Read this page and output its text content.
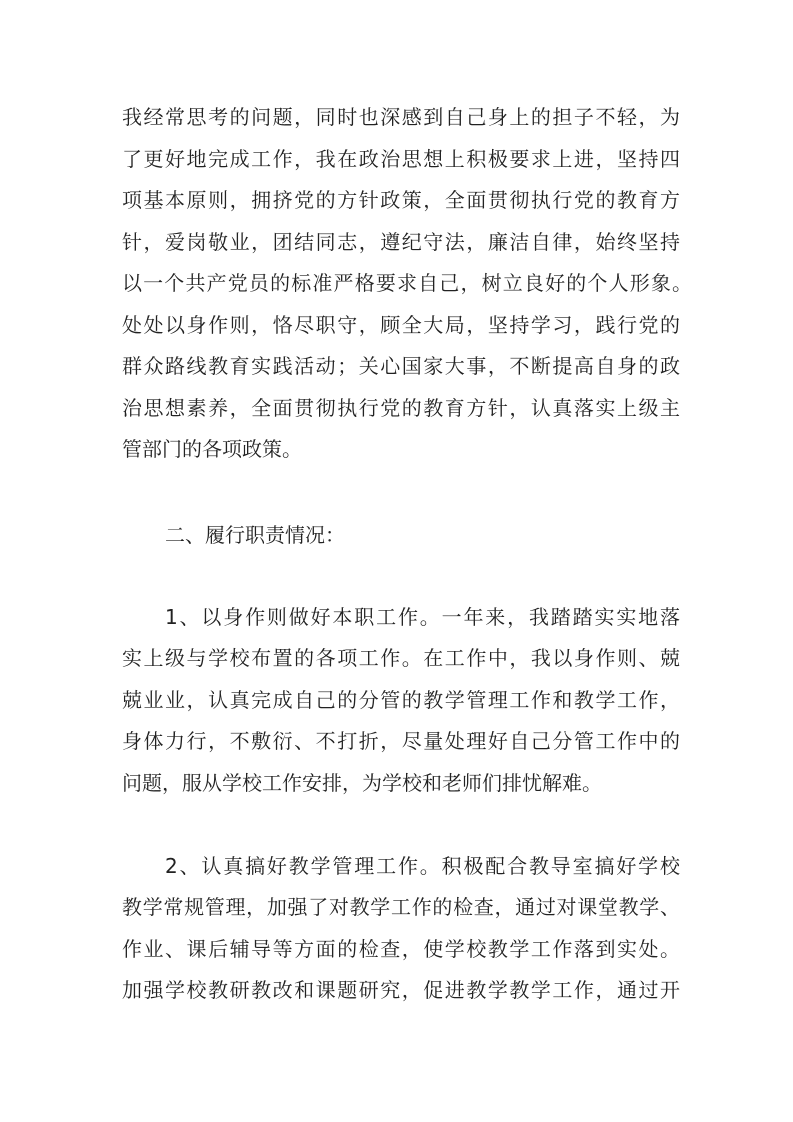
我经常思考的问题，同时也深感到自己身上的担子不轻，为
了更好地完成工作，我在政治思想上积极要求上进，坚持四
项基本原则，拥挤党的方针政策，全面贯彻执行党的教育方
针，爱岗敬业，团结同志，遵纪守法，廉洁自律，始终坚持
以一个共产党员的标准严格要求自己，树立良好的个人形象。
处处以身作则，恪尽职守，顾全大局，坚持学习，践行党的
群众路线教育实践活动；关心国家大事，不断提高自身的政
治思想素养，全面贯彻执行党的教育方针，认真落实上级主
管部门的各项政策。
二、履行职责情况：
1、以身作则做好本职工作。一年来，我踏踏实实地落
实上级与学校布置的各项工作。在工作中，我以身作则、兢
兢业业，认真完成自己的分管的教学管理工作和教学工作，
身体力行，不敷衍、不打折，尽量处理好自己分管工作中的
问题，服从学校工作安排，为学校和老师们排忧解难。
2、认真搞好教学管理工作。积极配合教导室搞好学校
教学常规管理，加强了对教学工作的检查，通过对课堂教学、
作业、课后辅导等方面的检查，使学校教学工作落到实处。
加强学校教研教改和课题研究，促进教学教学工作，通过开
